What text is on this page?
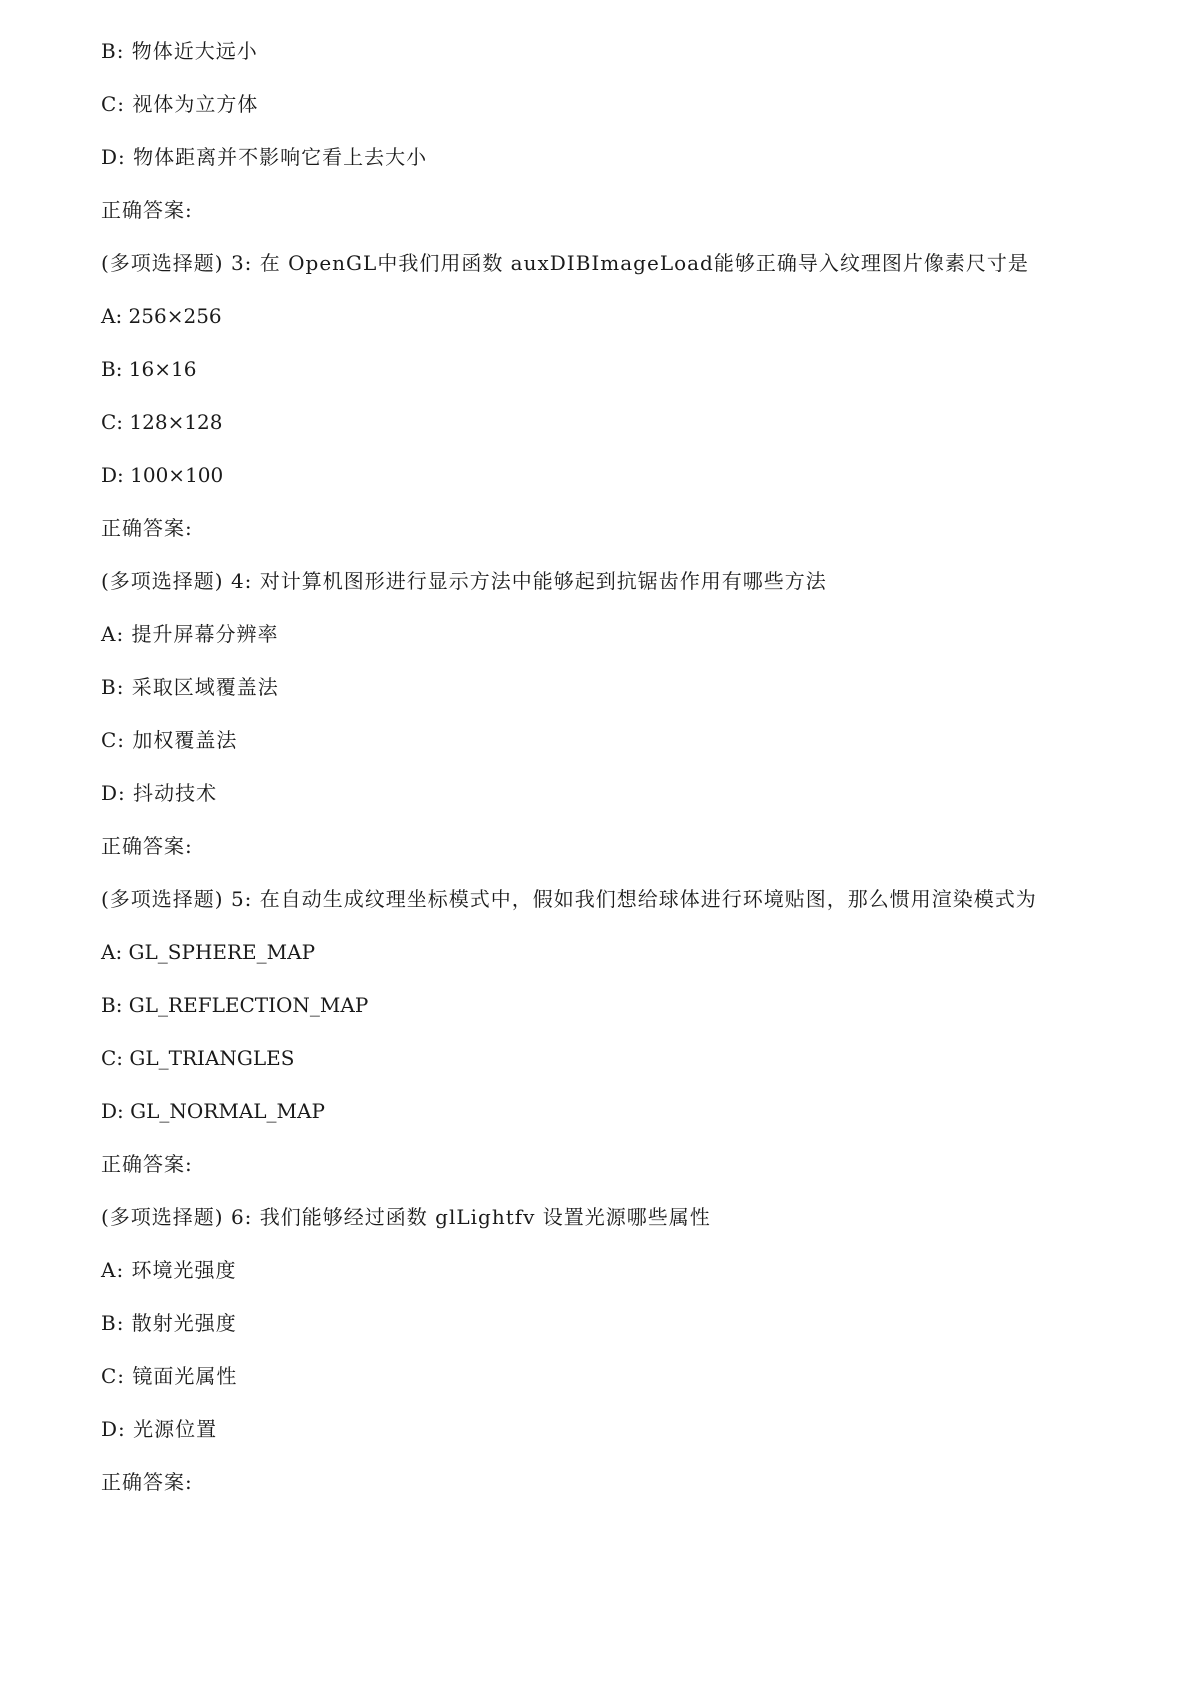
B: 物体近大远小
C: 视体为立方体
D: 物体距离并不影响它看上去大小
正确答案:
(多项选择题) 3: 在 OpenGL中我们用函数 auxDIBImageLoad能够正确导入纹理图片像素尺寸是
A: 256×256
B: 16×16
C: 128×128
D: 100×100
正确答案:
(多项选择题) 4: 对计算机图形进行显示方法中能够起到抗锯齿作用有哪些方法
A: 提升屏幕分辨率
B: 采取区域覆盖法
C: 加权覆盖法
D: 抖动技术
正确答案:
(多项选择题) 5: 在自动生成纹理坐标模式中，假如我们想给球体进行环境贴图，那么惯用渲染模式为
A: GL_SPHERE_MAP
B: GL_REFLECTION_MAP
C: GL_TRIANGLES
D: GL_NORMAL_MAP
正确答案:
(多项选择题) 6: 我们能够经过函数 glLightfv 设置光源哪些属性
A: 环境光强度
B: 散射光强度
C: 镜面光属性
D: 光源位置
正确答案:
